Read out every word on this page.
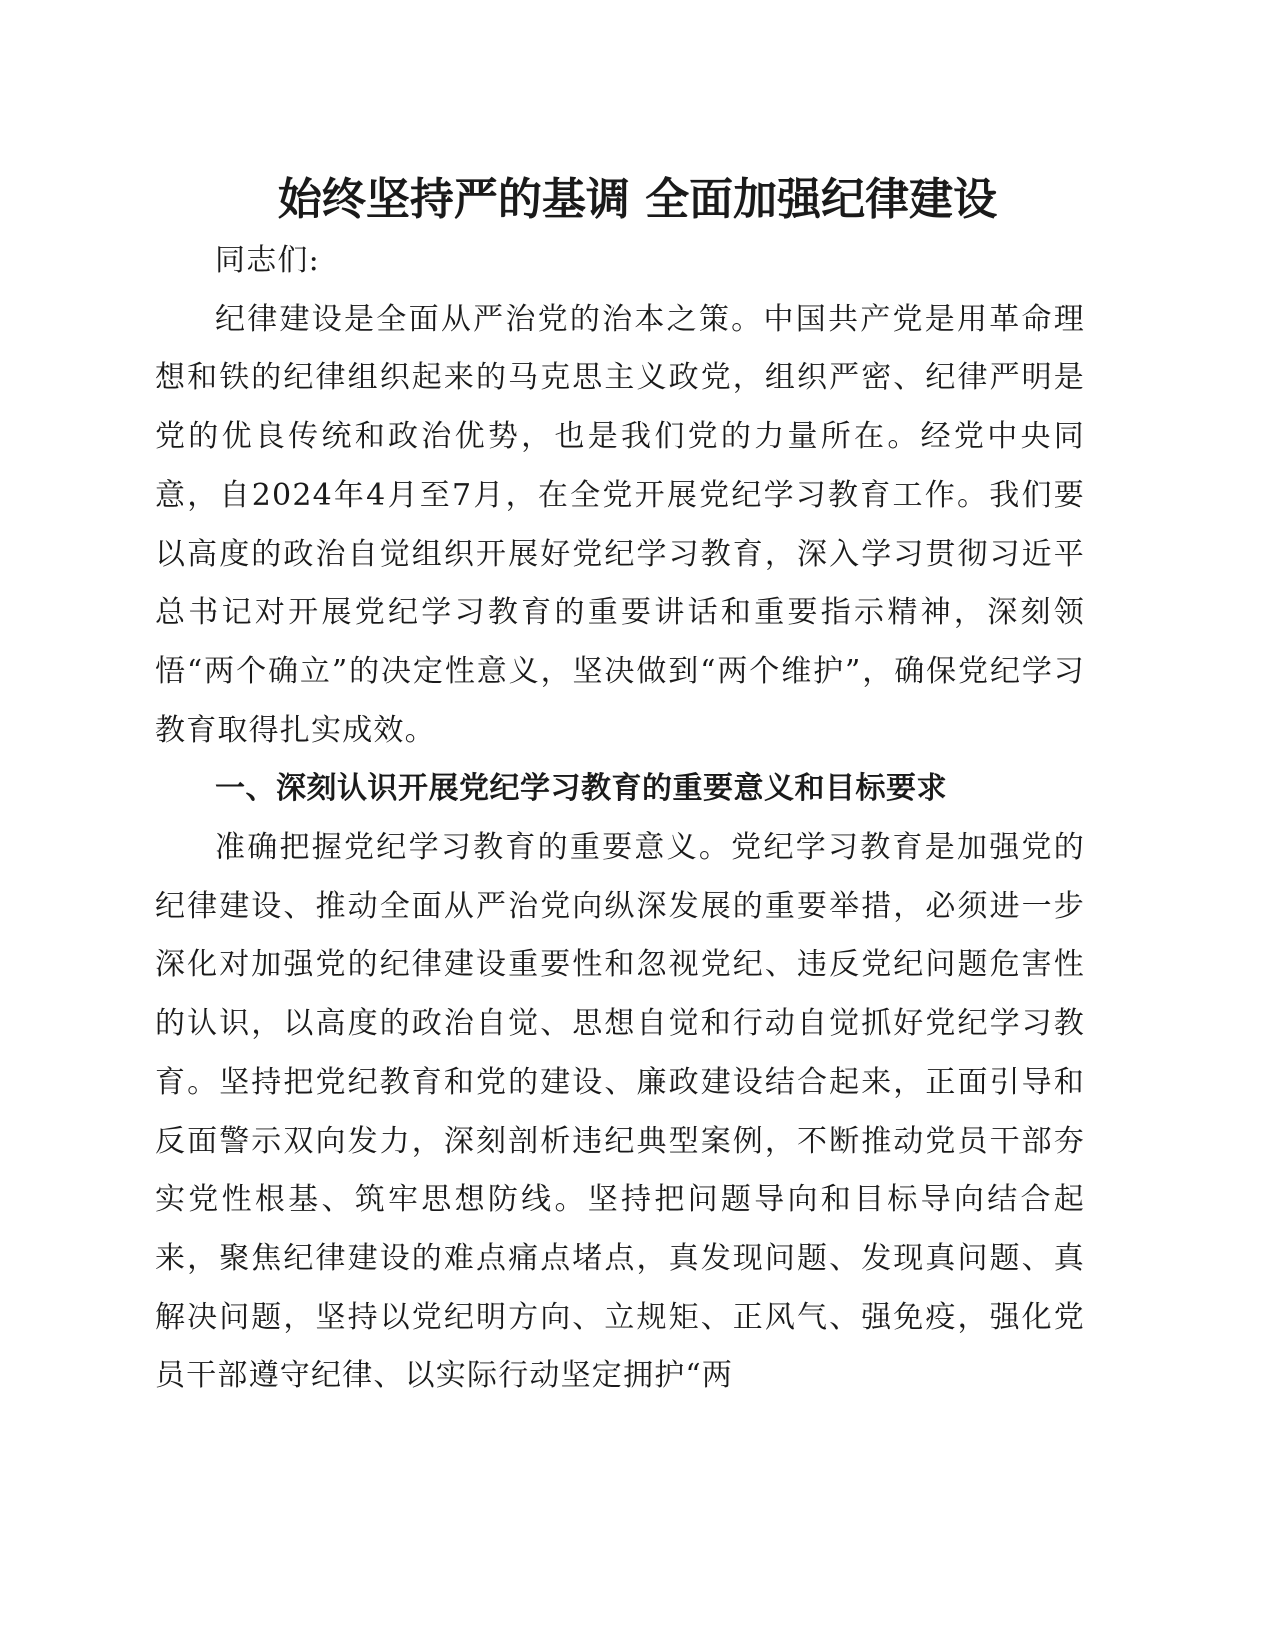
始终坚持严的基调 全面加强纪律建设

同志们:

纪律建设是全面从严治党的治本之策。中国共产党是用革命理想和铁的纪律组织起来的马克思主义政党，组织严密、纪律严明是党的优良传统和政治优势，也是我们党的力量所在。经党中央同意，自2024年4月至7月，在全党开展党纪学习教育工作。我们要以高度的政治自觉组织开展好党纪学习教育，深入学习贯彻习近平总书记对开展党纪学习教育的重要讲话和重要指示精神，深刻领悟“两个确立”的决定性意义，坚决做到“两个维护”，确保党纪学习教育取得扎实成效。

一、深刻认识开展党纪学习教育的重要意义和目标要求

准确把握党纪学习教育的重要意义。党纪学习教育是加强党的纪律建设、推动全面从严治党向纵深发展的重要举措，必须进一步深化对加强党的纪律建设重要性和忽视党纪、违反党纪问题危害性的认识，以高度的政治自觉、思想自觉和行动自觉抓好党纪学习教育。坚持把党纪教育和党的建设、廉政建设结合起来，正面引导和反面警示双向发力，深刻剖析违纪典型案例，不断推动党员干部夯实党性根基、筑牢思想防线。坚持把问题导向和目标导向结合起来，聚焦纪律建设的难点痛点堵点，真发现问题、发现真问题、真解决问题，坚持以党纪明方向、立规矩、正风气、强免疫，强化党员干部遵守纪律、以实际行动坚定拥护“两
